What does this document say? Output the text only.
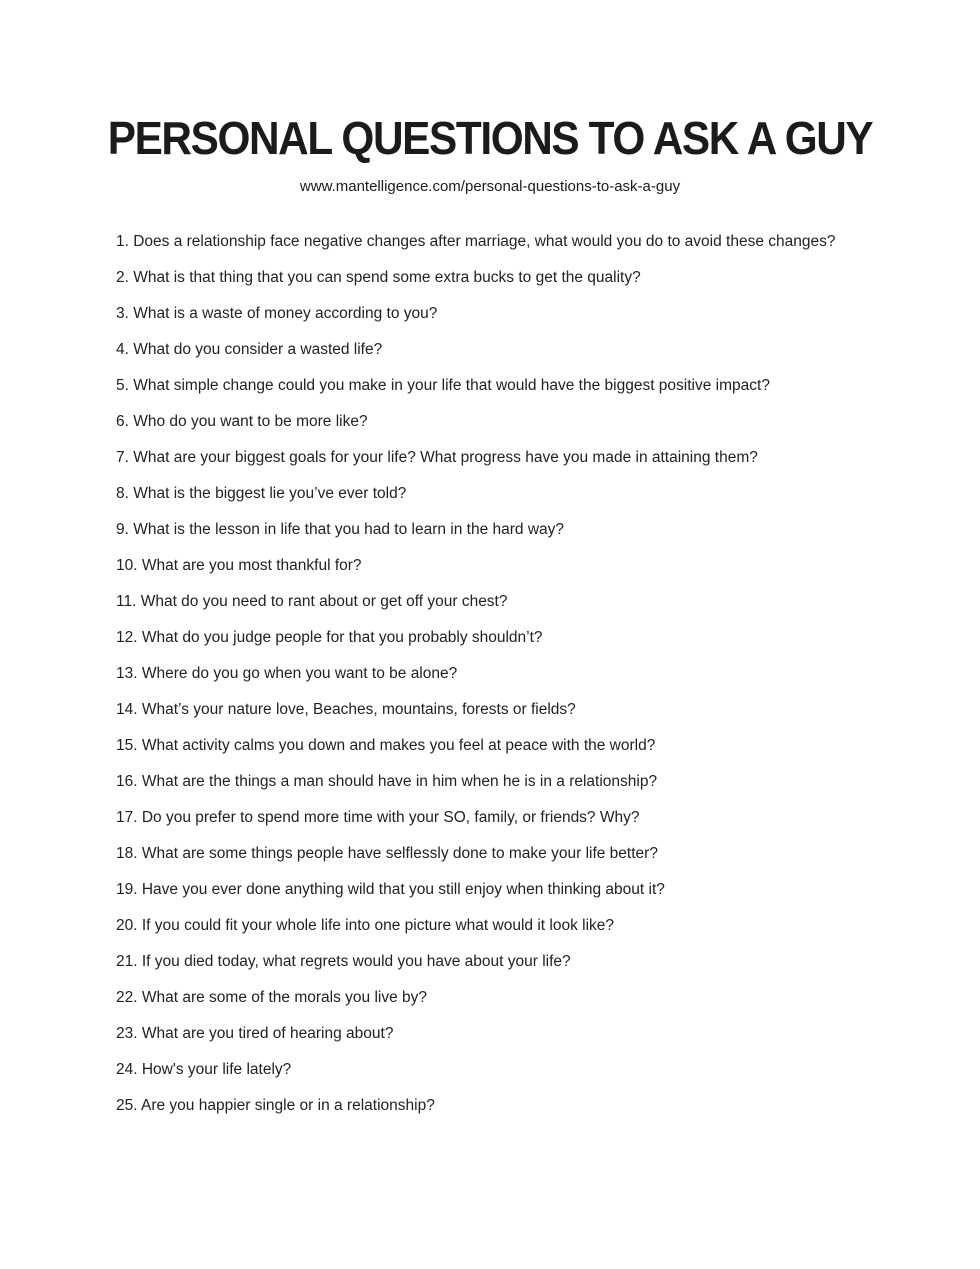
PERSONAL QUESTIONS TO ASK A GUY
www.mantelligence.com/personal-questions-to-ask-a-guy

1. Does a relationship face negative changes after marriage, what would you do to avoid these changes?

2. What is that thing that you can spend some extra bucks to get the quality?

3. What is a waste of money according to you?

4. What do you consider a wasted life?

5. What simple change could you make in your life that would have the biggest positive impact?

6. Who do you want to be more like?

7. What are your biggest goals for your life? What progress have you made in attaining them?

8. What is the biggest lie you’ve ever told?

9. What is the lesson in life that you had to learn in the hard way?

10. What are you most thankful for?

11. What do you need to rant about or get off your chest?

12. What do you judge people for that you probably shouldn’t?

13. Where do you go when you want to be alone?

14. What’s your nature love, Beaches, mountains, forests or fields?

15. What activity calms you down and makes you feel at peace with the world?

16. What are the things a man should have in him when he is in a relationship?

17. Do you prefer to spend more time with your SO, family, or friends? Why?

18. What are some things people have selflessly done to make your life better?

19. Have you ever done anything wild that you still enjoy when thinking about it?

20. If you could fit your whole life into one picture what would it look like?

21. If you died today, what regrets would you have about your life?

22. What are some of the morals you live by?

23. What are you tired of hearing about?

24. How's your life lately?

25. Are you happier single or in a relationship?
